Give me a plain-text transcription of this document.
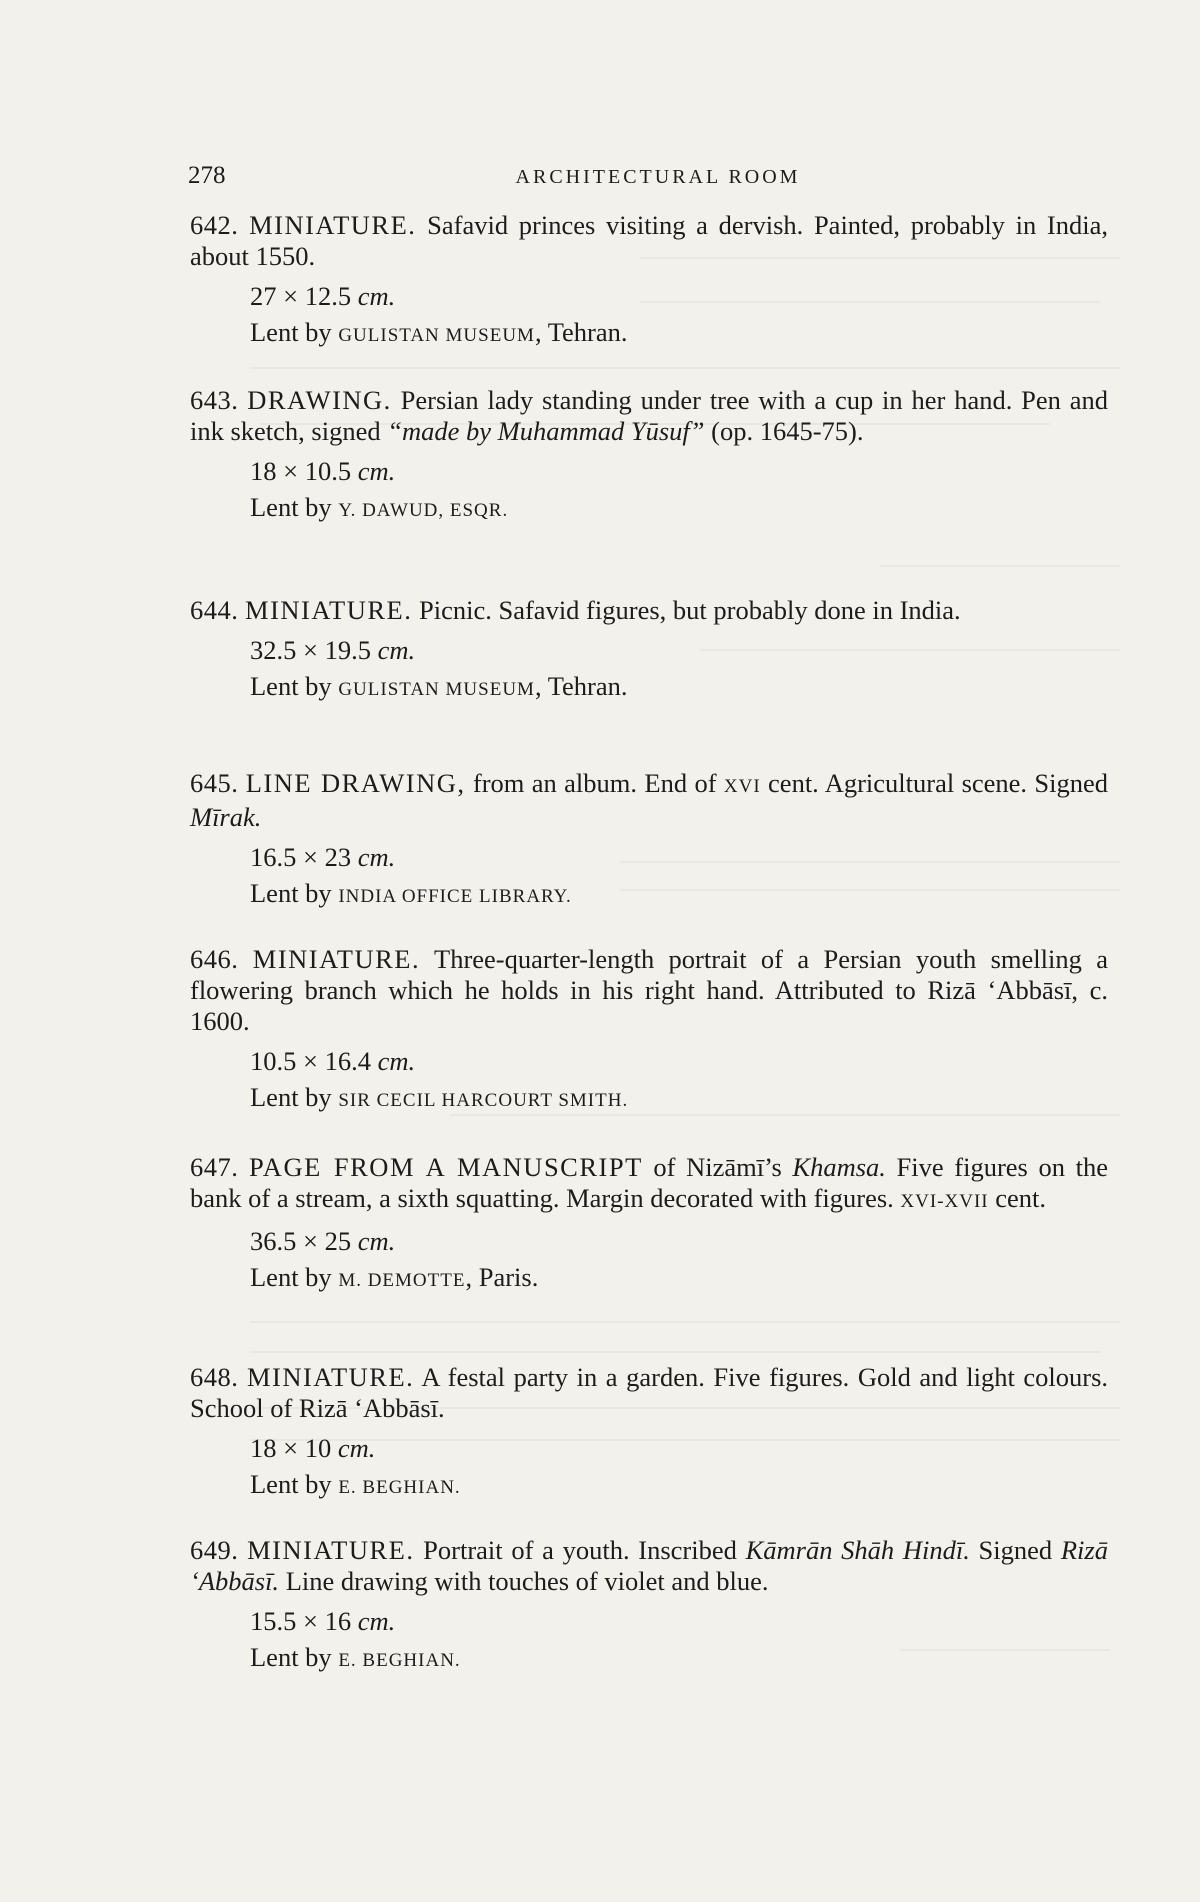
278	ARCHITECTURAL ROOM
642. MINIATURE. Safavid princes visiting a dervish. Painted, probably in India, about 1550.
27 × 12.5 cm.
Lent by GULISTAN MUSEUM, Tehran.
643. DRAWING. Persian lady standing under tree with a cup in her hand. Pen and ink sketch, signed “made by Muhammad Yūsuf” (op. 1645-75).
18 × 10.5 cm.
Lent by Y. DAWUD, ESQR.
644. MINIATURE. Picnic. Safavid figures, but probably done in India.
32.5 × 19.5 cm.
Lent by GULISTAN MUSEUM, Tehran.
645. LINE DRAWING, from an album. End of XVI cent. Agricultural scene. Signed Mīrak.
16.5 × 23 cm.
Lent by INDIA OFFICE LIBRARY.
646. MINIATURE. Three-quarter-length portrait of a Persian youth smelling a flowering branch which he holds in his right hand. Attributed to Rizā ‘Abbāsī, c. 1600.
10.5 × 16.4 cm.
Lent by SIR CECIL HARCOURT SMITH.
647. PAGE FROM A MANUSCRIPT of Nizāmī’s Khamsa. Five figures on the bank of a stream, a sixth squatting. Margin decorated with figures. XVI-XVII cent.
36.5 × 25 cm.
Lent by M. DEMOTTE, Paris.
648. MINIATURE. A festal party in a garden. Five figures. Gold and light colours. School of Rizā ‘Abbāsī.
18 × 10 cm.
Lent by E. BEGHIAN.
649. MINIATURE. Portrait of a youth. Inscribed Kāmrān Shāh Hindī. Signed Rizā ‘Abbāsī. Line drawing with touches of violet and blue.
15.5 × 16 cm.
Lent by E. BEGHIAN.
